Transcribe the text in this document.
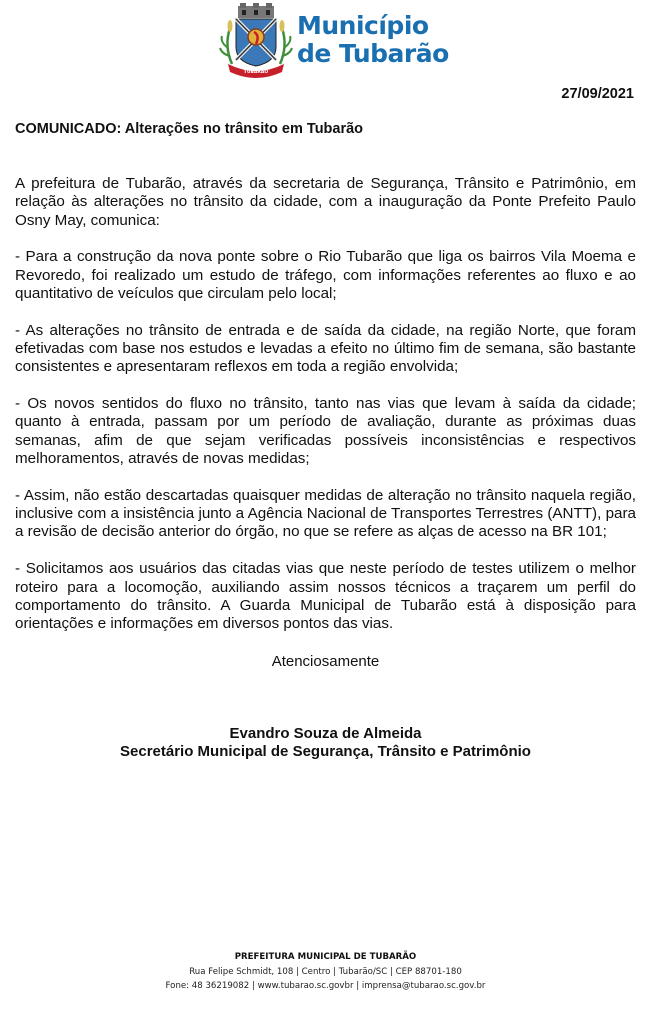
TUBARÃO
Município
de Tubarão
27/09/2021
COMUNICADO: Alterações no trânsito em Tubarão

A prefeitura de Tubarão, através da secretaria de Segurança, Trânsito e Patrimônio, em relação às alterações no trânsito da cidade, com a inauguração da Ponte Prefeito Paulo Osny May, comunica:

- Para a construção da nova ponte sobre o Rio Tubarão que liga os bairros Vila Moema e Revoredo, foi realizado um estudo de tráfego, com informações referentes ao fluxo e ao quantitativo de veículos que circulam pelo local;

- As alterações no trânsito de entrada e de saída da cidade, na região Norte, que foram efetivadas com base nos estudos e levadas a efeito no último fim de semana, são bastante consistentes e apresentaram reflexos em toda a região envolvida;

- Os novos sentidos do fluxo no trânsito, tanto nas vias que levam à saída da cidade; quanto à entrada, passam por um período de avaliação, durante as próximas duas semanas, afim de que sejam verificadas possíveis inconsistências e respectivos melhoramentos, através de novas medidas;

- Assim, não estão descartadas quaisquer medidas de alteração no trânsito naquela região, inclusive com a insistência junto a Agência Nacional de Transportes Terrestres (ANTT), para a revisão de decisão anterior do órgão, no que se refere as alças de acesso na BR 101;

- Solicitamos aos usuários das citadas vias que neste período de testes utilizem o melhor roteiro para a locomoção, auxiliando assim nossos técnicos a traçarem um perfil do comportamento do trânsito. A Guarda Municipal de Tubarão está à disposição para orientações e informações em diversos pontos das vias.

Atenciosamente
Evandro Souza de Almeida
Secretário Municipal de Segurança, Trânsito e Patrimônio
PREFEITURA MUNICIPAL DE TUBARÃO
Rua Felipe Schmidt, 108 | Centro | Tubarão/SC | CEP 88701-180
Fone: 48 36219082 | www.tubarao.sc.govbr | imprensa@tubarao.sc.gov.br
